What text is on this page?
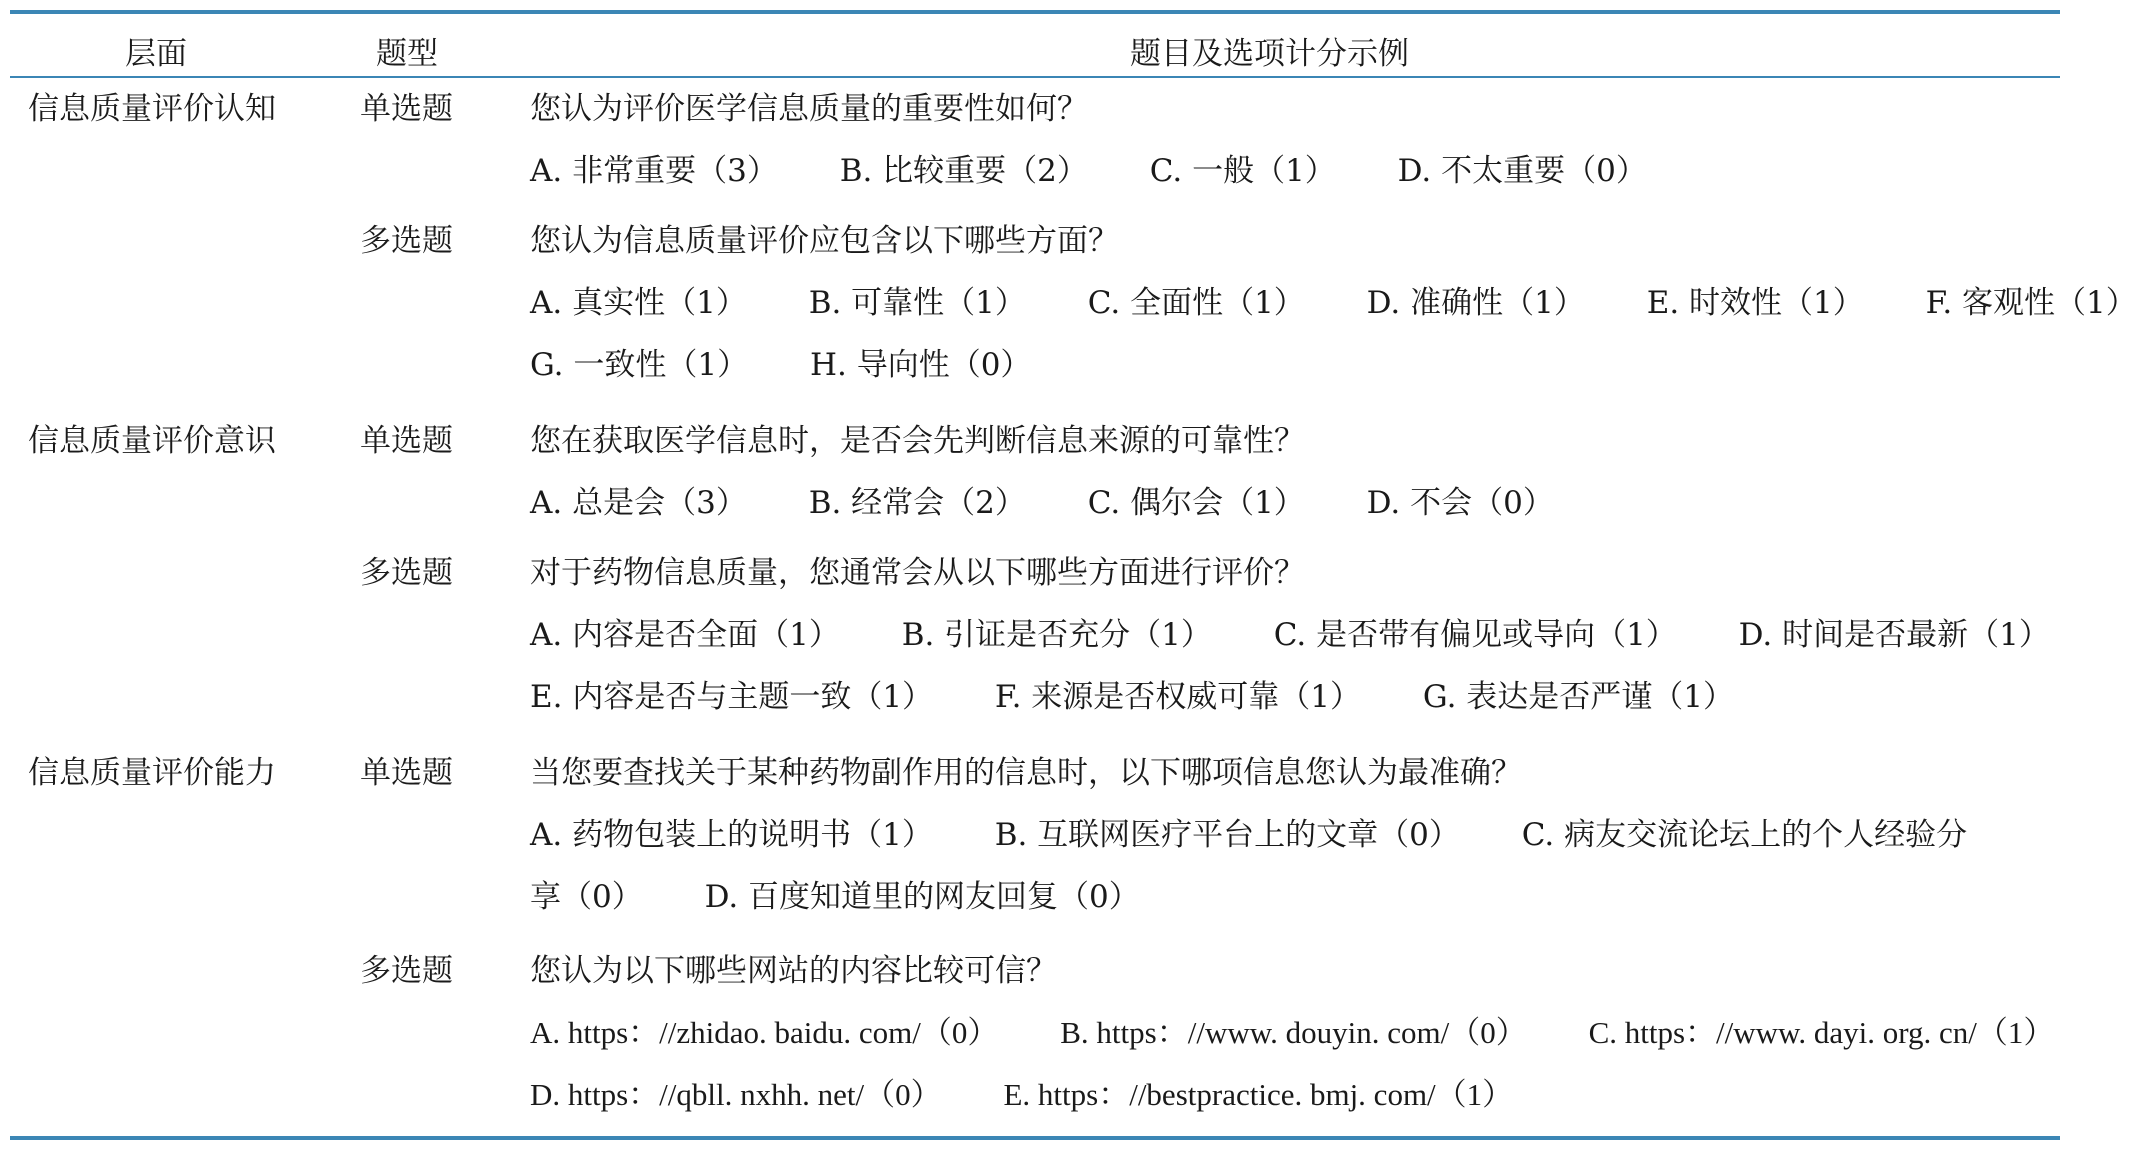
层面	题型	题目及选项计分示例
信息质量评价认知	单选题 您认为评价医学信息质量的重要性如何？
A. 非常重要（3） B. 比较重要（2） C. 一般（1） D. 不太重要（0）
多选题 您认为信息质量评价应包含以下哪些方面？
A. 真实性（1） B. 可靠性（1） C. 全面性（1） D. 准确性（1） E. 时效性（1） F. 客观性（1）
G. 一致性（1） H. 导向性（0）
信息质量评价意识	单选题 您在获取医学信息时，是否会先判断信息来源的可靠性？
A. 总是会（3） B. 经常会（2） C. 偶尔会（1） D. 不会（0）
多选题 对于药物信息质量，您通常会从以下哪些方面进行评价？
A. 内容是否全面（1） B. 引证是否充分（1） C. 是否带有偏见或导向（1） D. 时间是否最新（1）
E. 内容是否与主题一致（1） F. 来源是否权威可靠（1） G. 表达是否严谨（1）
信息质量评价能力	单选题 当您要查找关于某种药物副作用的信息时，以下哪项信息您认为最准确？
A. 药物包装上的说明书（1） B. 互联网医疗平台上的文章（0） C. 病友交流论坛上的个人经验分
享（0） D. 百度知道里的网友回复（0）
多选题 您认为以下哪些网站的内容比较可信？
A. https：//zhidao. baidu. com/（0） B. https：//www. douyin. com/（0） C. https：//www. dayi. org. cn/（1）
D. https：//qbll. nxhh. net/（0） E. https：//bestpractice. bmj. com/（1）
